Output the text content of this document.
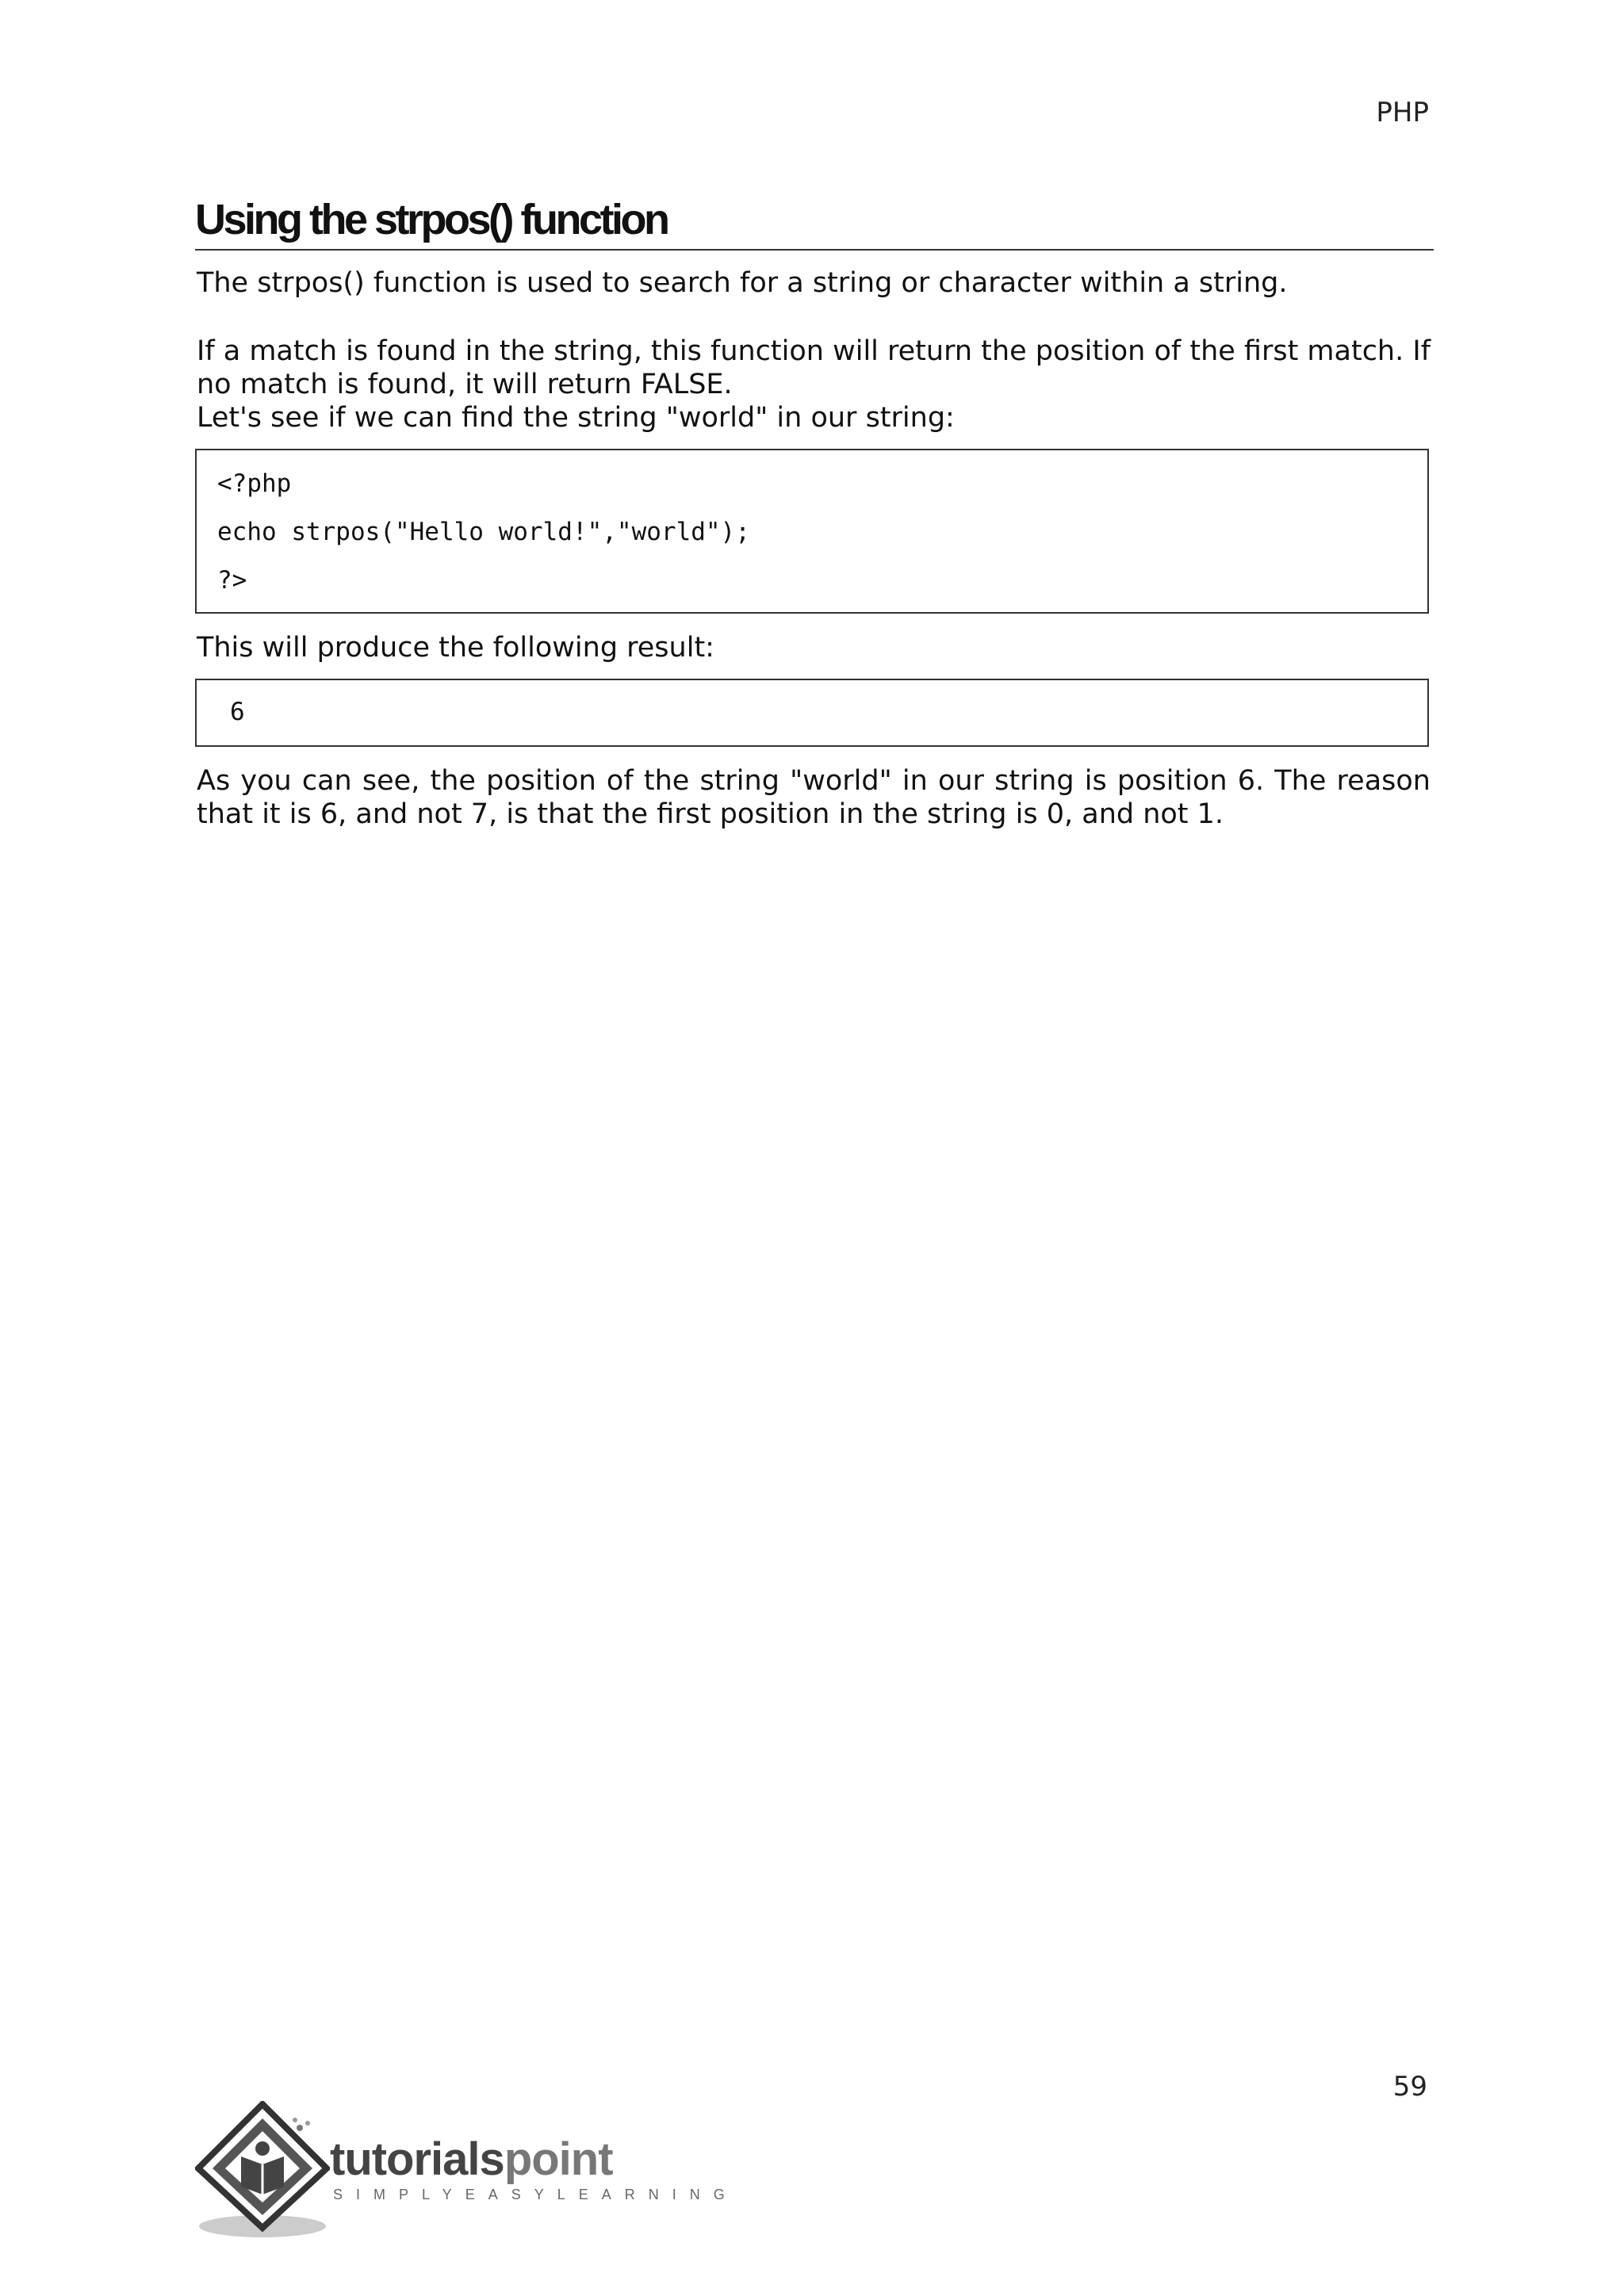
PHP
Using the strpos() function

The strpos() function is used to search for a string or character within a string.

If a match is found in the string, this function will return the position of the first match. If
no match is found, it will return FALSE.
Let's see if we can find the string "world" in our string:

<?php
echo strpos("Hello world!","world");
?>

This will produce the following result:

6

As you can see, the position of the string "world" in our string is position 6. The reason
that it is 6, and not 7, is that the first position in the string is 0, and not 1.

59
tutorialspoint
SIMPLYEASYLEARNING
